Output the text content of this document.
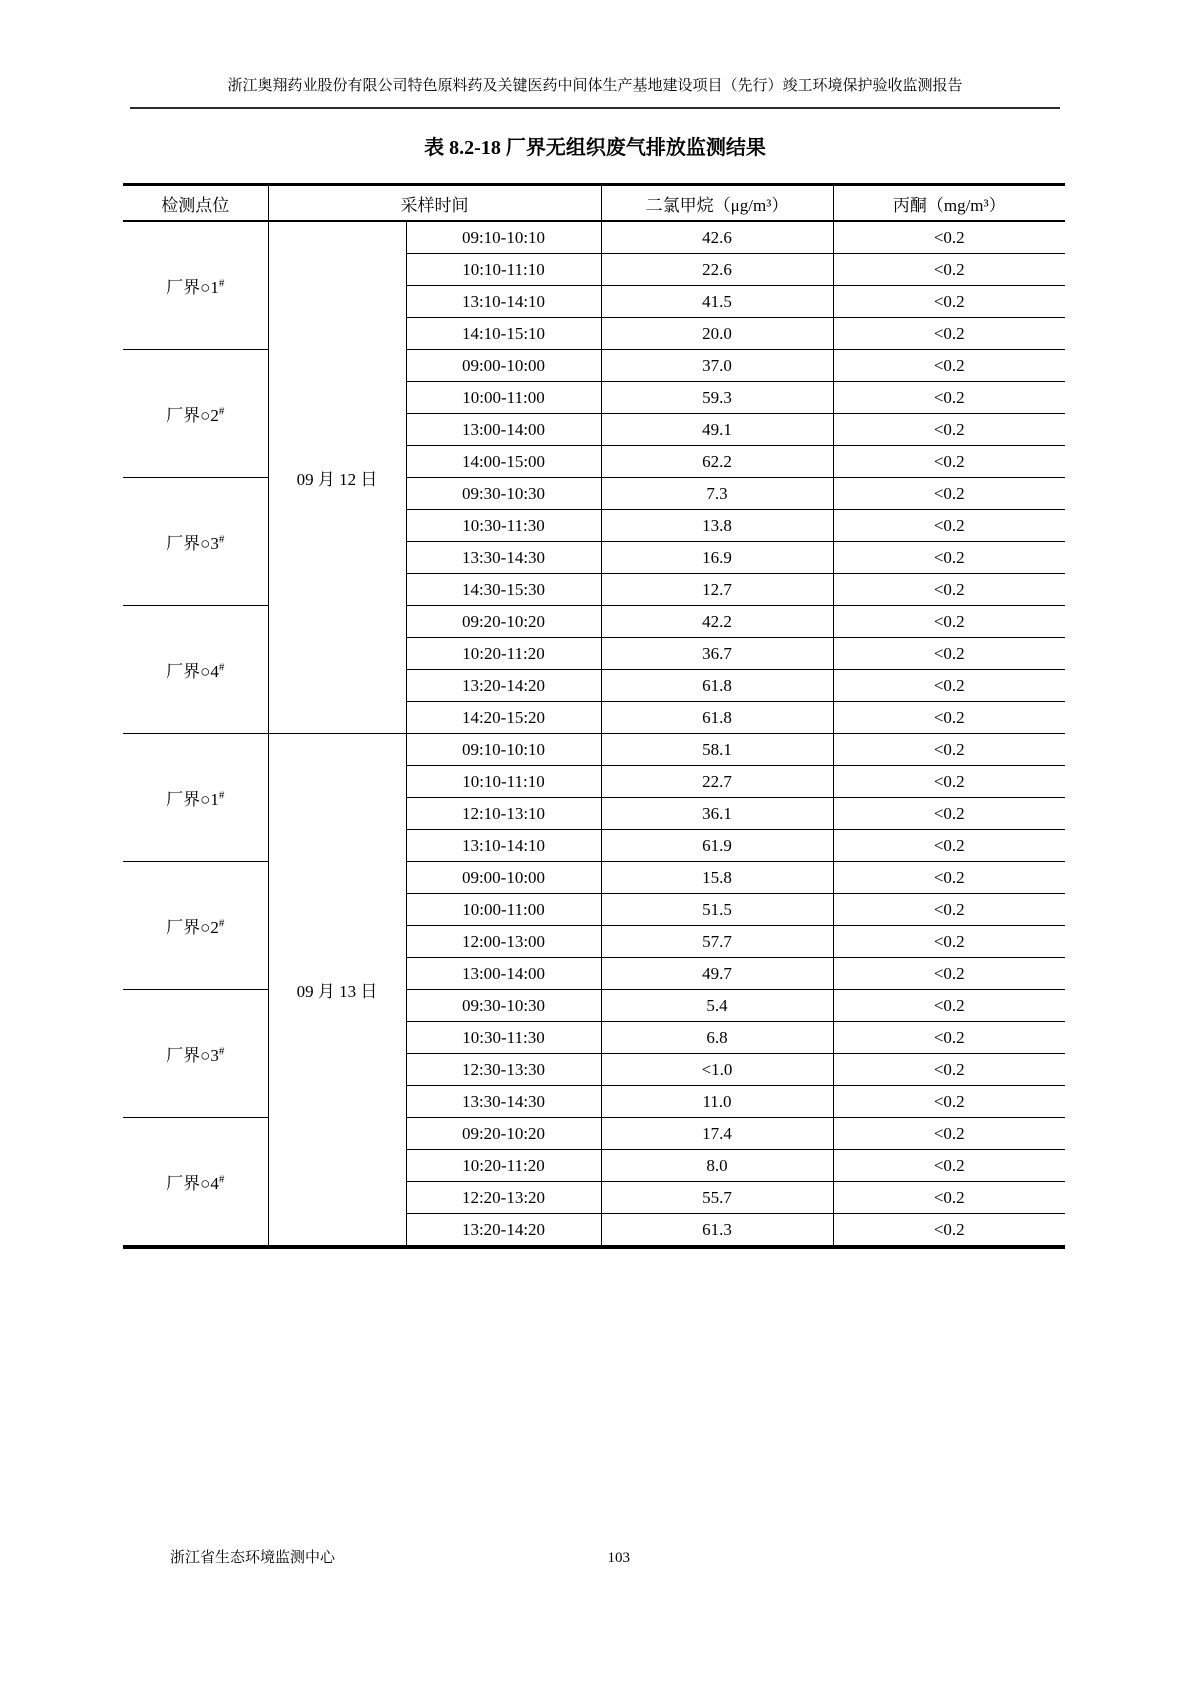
浙江奥翔药业股份有限公司特色原料药及关键医药中间体生产基地建设项目（先行）竣工环境保护验收监测报告
表 8.2-18 厂界无组织废气排放监测结果
检测点位	采样时间		二氯甲烷（μg/m³）	丙酮（mg/m³）
厂界○1#	09 月 12 日	09:10-10:10	42.6	<0.2
		10:10-11:10	22.6	<0.2
		13:10-14:10	41.5	<0.2
		14:10-15:10	20.0	<0.2
厂界○2#		09:00-10:00	37.0	<0.2
		10:00-11:00	59.3	<0.2
		13:00-14:00	49.1	<0.2
		14:00-15:00	62.2	<0.2
厂界○3#		09:30-10:30	7.3	<0.2
		10:30-11:30	13.8	<0.2
		13:30-14:30	16.9	<0.2
		14:30-15:30	12.7	<0.2
厂界○4#		09:20-10:20	42.2	<0.2
		10:20-11:20	36.7	<0.2
		13:20-14:20	61.8	<0.2
		14:20-15:20	61.8	<0.2
厂界○1#	09 月 13 日	09:10-10:10	58.1	<0.2
		10:10-11:10	22.7	<0.2
		12:10-13:10	36.1	<0.2
		13:10-14:10	61.9	<0.2
厂界○2#		09:00-10:00	15.8	<0.2
		10:00-11:00	51.5	<0.2
		12:00-13:00	57.7	<0.2
		13:00-14:00	49.7	<0.2
厂界○3#		09:30-10:30	5.4	<0.2
		10:30-11:30	6.8	<0.2
		12:30-13:30	<1.0	<0.2
		13:30-14:30	11.0	<0.2
厂界○4#		09:20-10:20	17.4	<0.2
		10:20-11:20	8.0	<0.2
		12:20-13:20	55.7	<0.2
		13:20-14:20	61.3	<0.2
浙江省生态环境监测中心	103
